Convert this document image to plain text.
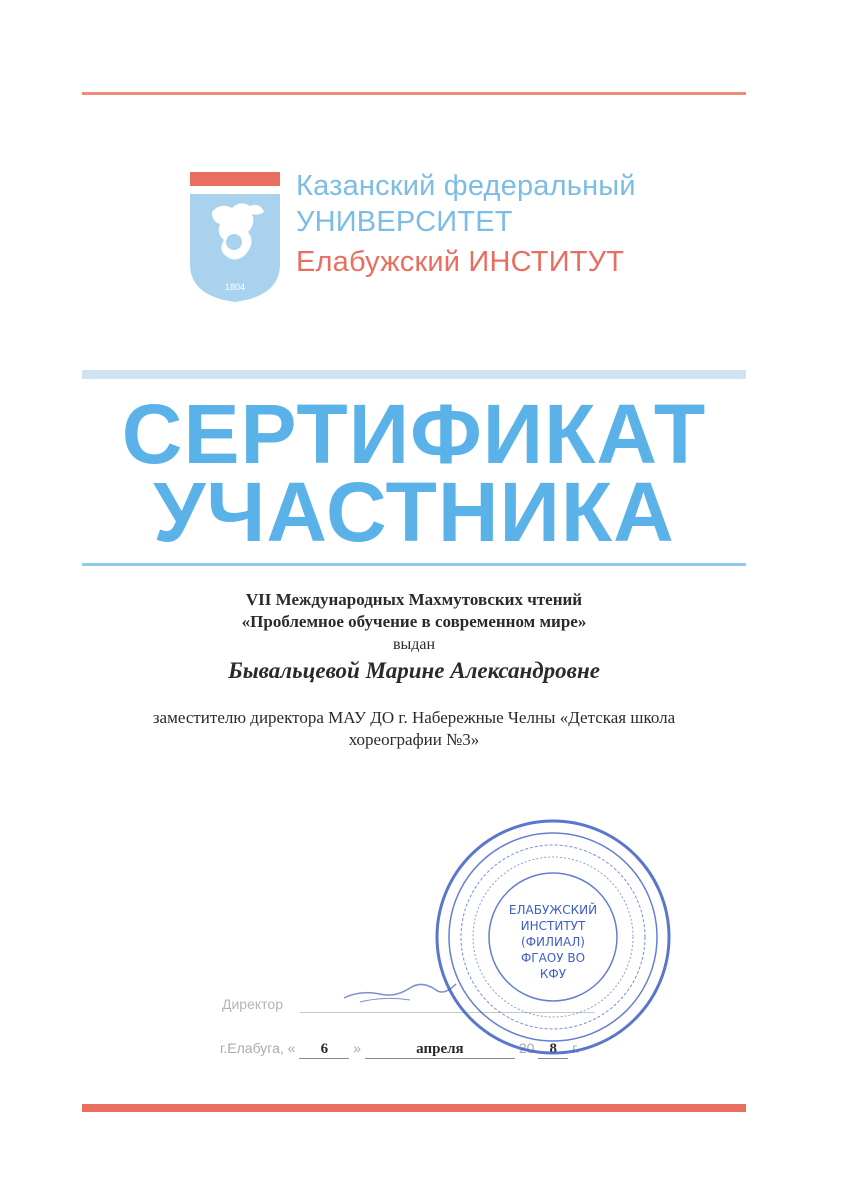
1804
Казанский федеральный
УНИВЕРСИТЕТ
Елабужский ИНСТИТУТ
СЕРТИФИКАТ
УЧАСТНИКА
VII Международных Махмутовских чтений
«Проблемное обучение в современном мире»
выдан
Бывальцевой Марине Александровне
заместителю директора МАУ ДО г. Набережные Челны «Детская школа
хореографии №3»
Директор
г.Елабуга, « 6 »	апреля	20 8 г.
ЕЛАБУЖСКИЙ
ИНСТИТУТ
(ФИЛИАЛ)
ФГАОУ ВО
КФУ
